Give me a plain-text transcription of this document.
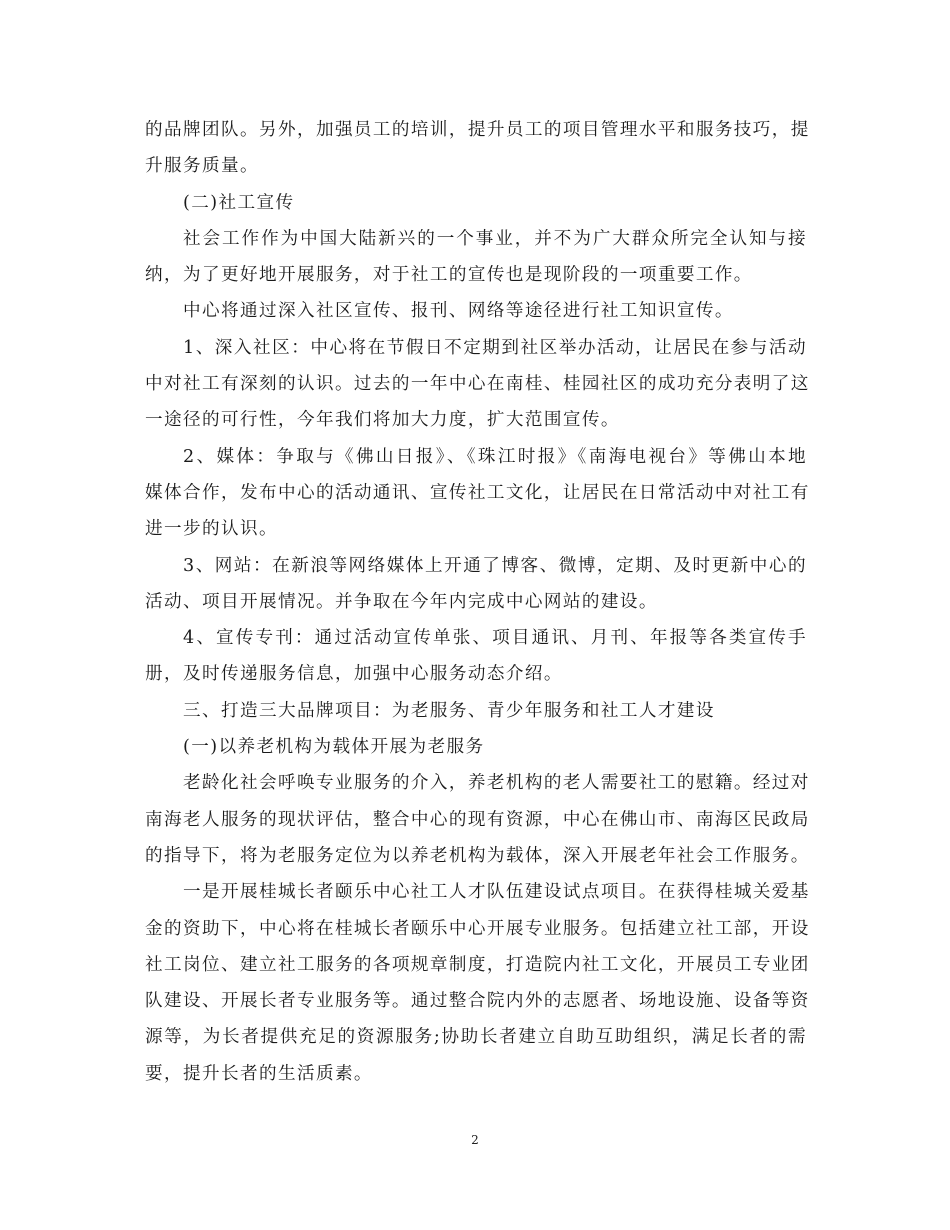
的品牌团队。另外，加强员工的培训，提升员工的项目管理水平和服务技巧，提
升服务质量。

(二)社工宣传

社会工作作为中国大陆新兴的一个事业，并不为广大群众所完全认知与接
纳，为了更好地开展服务，对于社工的宣传也是现阶段的一项重要工作。

中心将通过深入社区宣传、报刊、网络等途径进行社工知识宣传。

1、深入社区：中心将在节假日不定期到社区举办活动，让居民在参与活动
中对社工有深刻的认识。过去的一年中心在南桂、桂园社区的成功充分表明了这
一途径的可行性，今年我们将加大力度，扩大范围宣传。

2、媒体：争取与《佛山日报》、《珠江时报》《南海电视台》等佛山本地
媒体合作，发布中心的活动通讯、宣传社工文化，让居民在日常活动中对社工有
进一步的认识。

3、网站：在新浪等网络媒体上开通了博客、微博，定期、及时更新中心的
活动、项目开展情况。并争取在今年内完成中心网站的建设。

4、宣传专刊：通过活动宣传单张、项目通讯、月刊、年报等各类宣传手
册，及时传递服务信息，加强中心服务动态介绍。

三、打造三大品牌项目：为老服务、青少年服务和社工人才建设

(一)以养老机构为载体开展为老服务

老龄化社会呼唤专业服务的介入，养老机构的老人需要社工的慰籍。经过对
南海老人服务的现状评估，整合中心的现有资源，中心在佛山市、南海区民政局
的指导下，将为老服务定位为以养老机构为载体，深入开展老年社会工作服务。

一是开展桂城长者颐乐中心社工人才队伍建设试点项目。在获得桂城关爱基
金的资助下，中心将在桂城长者颐乐中心开展专业服务。包括建立社工部，开设
社工岗位、建立社工服务的各项规章制度，打造院内社工文化，开展员工专业团
队建设、开展长者专业服务等。通过整合院内外的志愿者、场地设施、设备等资
源等，为长者提供充足的资源服务;协助长者建立自助互助组织，满足长者的需
要，提升长者的生活质素。

2
